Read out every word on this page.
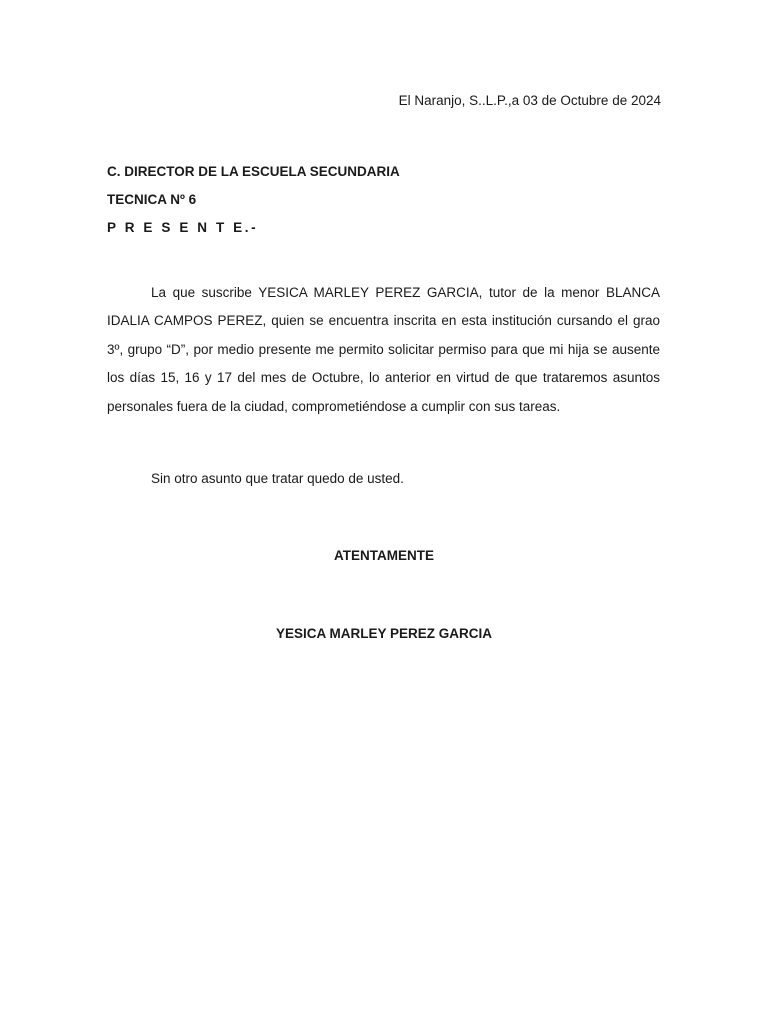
El Naranjo, S..L.P.,a 03 de Octubre de 2024
C. DIRECTOR DE LA ESCUELA SECUNDARIA
TECNICA Nº 6
P R E S E N T E.-

La que suscribe YESICA MARLEY PEREZ GARCIA, tutor de la menor BLANCA IDALIA CAMPOS PEREZ, quien se encuentra inscrita en esta institución cursando el grao 3º, grupo “D”, por medio presente me permito solicitar permiso para que mi hija se ausente los días 15, 16 y 17 del mes de Octubre, lo anterior en virtud de que trataremos asuntos personales fuera de la ciudad, comprometiéndose a cumplir con sus tareas.

Sin otro asunto que tratar quedo de usted.
ATENTAMENTE
YESICA MARLEY PEREZ GARCIA
